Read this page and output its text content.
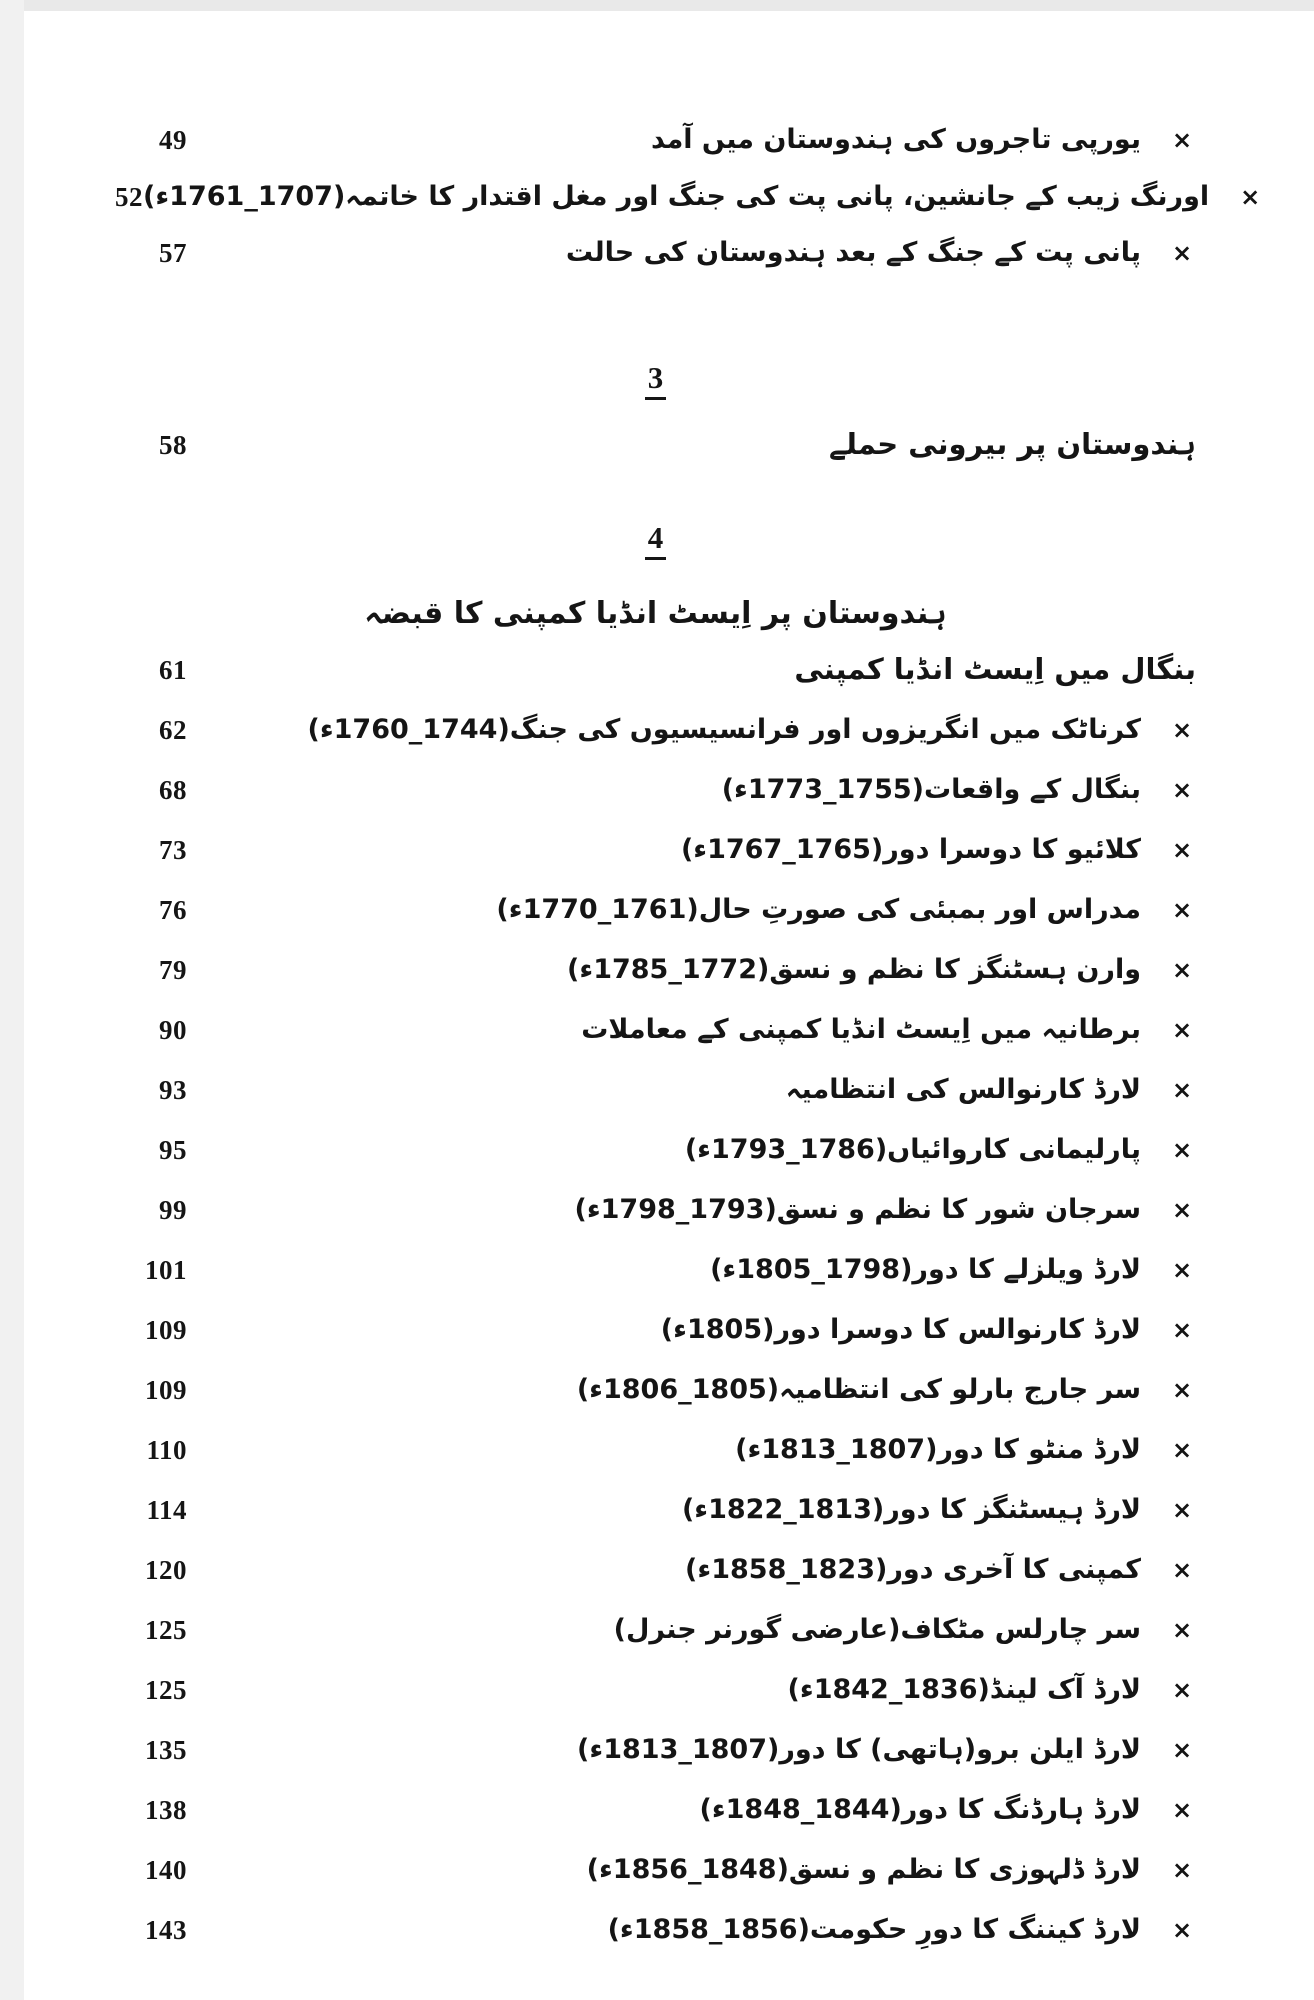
49	یورپی تاجروں کی ہندوستان میں آمد ×
52 اورنگ زیب کے جانشین، پانی پت کی جنگ اور مغل اقتدار کا خاتمہ(1707_1761ء) ×
57	پانی پت کے جنگ کے بعد ہندوستان کی حالت ×
3
58	ہندوستان پر بیرونی حملے
4
ہندوستان پر اِیسٹ انڈیا کمپنی کا قبضہ
61	بنگال میں اِیسٹ انڈیا کمپنی
62	کرناٹک میں انگریزوں اور فرانسیسیوں کی جنگ(1744_1760ء) ×
68	بنگال کے واقعات(1755_1773ء) ×
73	کلائیو کا دوسرا دور(1765_1767ء) ×
76	مدراس اور بمبئی کی صورتِ حال(1761_1770ء) ×
79	وارن ہسٹنگز کا نظم و نسق(1772_1785ء) ×
90	برطانیہ میں اِیسٹ انڈیا کمپنی کے معاملات ×
93	لارڈ کارنوالس کی انتظامیہ ×
95	پارلیمانی کاروائیاں(1786_1793ء) ×
99	سرجان شور کا نظم و نسق(1793_1798ء) ×
101	لارڈ ویلزلے کا دور(1798_1805ء) ×
109	لارڈ کارنوالس کا دوسرا دور(1805ء) ×
109	سر جارج بارلو کی انتظامیہ(1805_1806ء) ×
110	لارڈ منٹو کا دور(1807_1813ء) ×
114	لارڈ ہیسٹنگز کا دور(1813_1822ء) ×
120	کمپنی کا آخری دور(1823_1858ء) ×
125	سر چارلس مٹکاف(عارضی گورنر جنرل) ×
125	لارڈ آک لینڈ(1836_1842ء) ×
135	لارڈ ایلن برو(ہاتھی) کا دور(1807_1813ء) ×
138	لارڈ ہارڈنگ کا دور(1844_1848ء) ×
140	لارڈ ڈلہوزی کا نظم و نسق(1848_1856ء) ×
143	لارڈ کیننگ کا دورِ حکومت(1856_1858ء) ×
